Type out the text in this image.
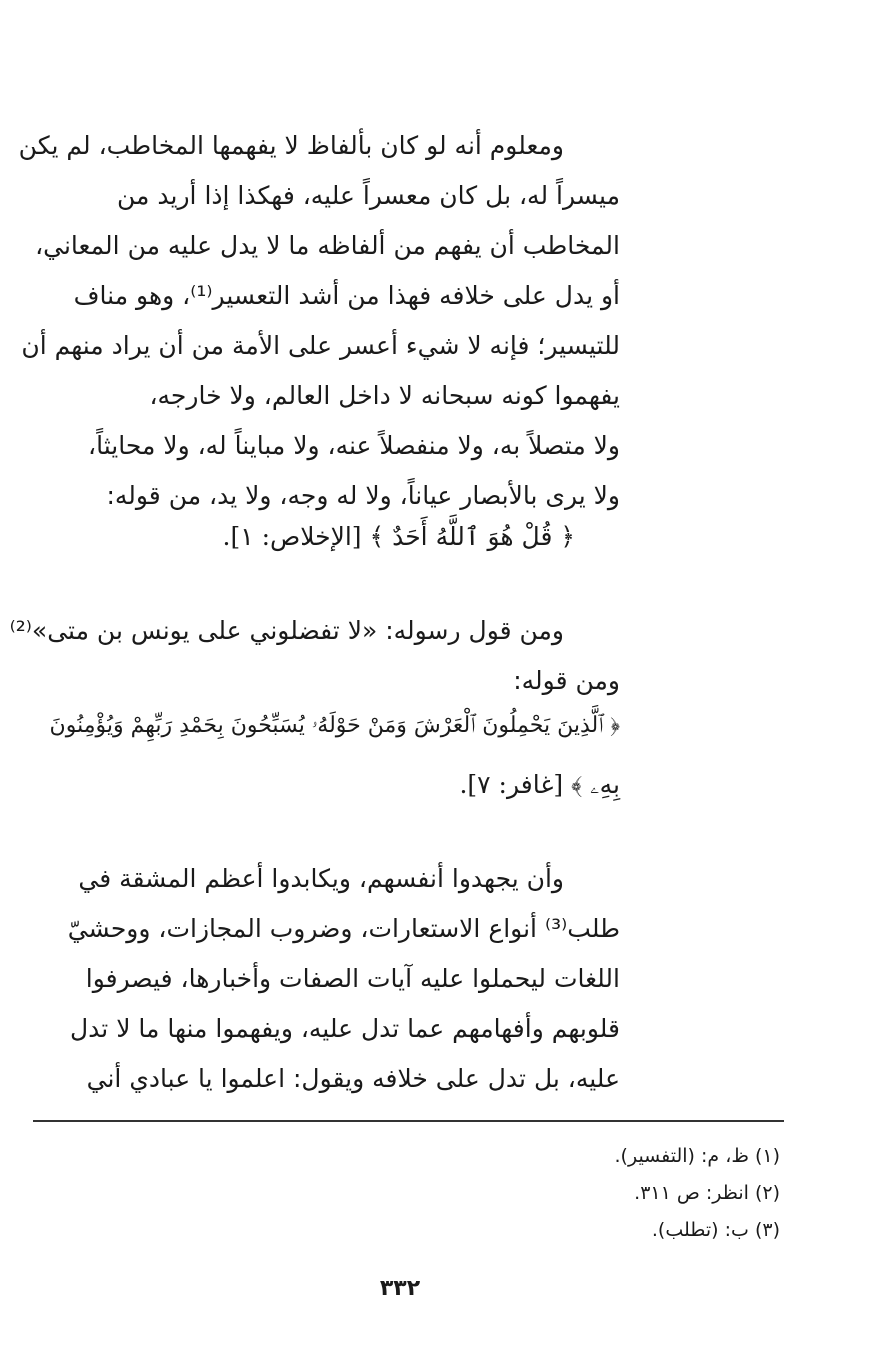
ومعلوم أنه لو كان بألفاظ لا يفهمها المخاطب، لم يكن
ميسراً له، بل كان معسراً عليه، فهكذا إذا أريد من
المخاطب أن يفهم من ألفاظه ما لا يدل عليه من المعاني،
أو يدل على خلافه فهذا من أشد التعسير⁽¹⁾، وهو مناف
للتيسير؛ فإنه لا شيء أعسر على الأمة من أن يراد منهم أن
يفهموا كونه سبحانه لا داخل العالم، ولا خارجه،
ولا متصلاً به، ولا منفصلاً عنه، ولا مبايناً له، ولا محايثاً،
ولا يرى بالأبصار عياناً، ولا له وجه، ولا يد، من قوله:
﴿ قُلْ هُوَ ٱللَّهُ أَحَدٌ ﴾ [الإخلاص: ١].
ومن قول رسوله: «لا تفضلوني على يونس بن متى»⁽²⁾
ومن قوله:
﴿ ٱلَّذِينَ يَحْمِلُونَ ٱلْعَرْشَ وَمَنْ حَوْلَهُۥ يُسَبِّحُونَ بِحَمْدِ رَبِّهِمْ وَيُؤْمِنُونَ
بِهِۦ ﴾ [غافر: ٧].
وأن يجهدوا أنفسهم، ويكابدوا أعظم المشقة في
طلب⁽³⁾ أنواع الاستعارات، وضروب المجازات، ووحشيّ
اللغات ليحملوا عليه آيات الصفات وأخبارها، فيصرفوا
قلوبهم وأفهامهم عما تدل عليه، ويفهموا منها ما لا تدل
عليه، بل تدل على خلافه ويقول: اعلموا يا عبادي أني
(١) ظ، م: (التفسير).
(٢) انظر: ص ٣١١.
(٣) ب: (تطلب).
٣٣٢
